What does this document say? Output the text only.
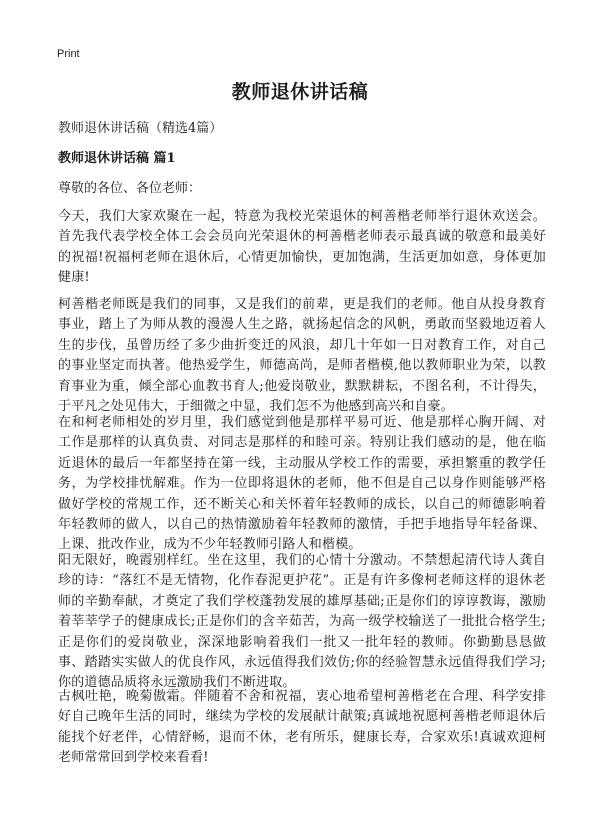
Print
教师退休讲话稿

教师退休讲话稿（精选4篇）

教师退休讲话稿 篇1

尊敬的各位、各位老师：

今天，我们大家欢聚在一起，特意为我校光荣退休的柯善楷老师举行退休欢送会。首先我代表学校全体工会会员向光荣退休的柯善楷老师表示最真诚的敬意和最美好的祝福!祝福柯老师在退休后，心情更加愉快，更加饱满，生活更加如意，身体更加健康!

柯善楷老师既是我们的同事，又是我们的前辈，更是我们的老师。他自从投身教育事业，踏上了为师从教的漫漫人生之路，就扬起信念的风帆，勇敢而坚毅地迈着人生的步伐，虽曾历经了多少曲折变迁的风浪，却几十年如一日对教育工作，对自己的事业坚定而执著。他热爱学生，师德高尚，是师者楷模,他以教师职业为荣，以教育事业为重，倾全部心血教书育人;他爱岗敬业，默默耕耘，不图名利，不计得失，于平凡之处见伟大，于细微之中显，我们怎不为他感到高兴和自豪。

在和柯老师相处的岁月里，我们感觉到他是那样平易可近、他是那样心胸开阔、对工作是那样的认真负责、对同志是那样的和睦可亲。特别让我们感动的是，他在临近退休的最后一年都坚持在第一线，主动服从学校工作的需要，承担繁重的教学任务，为学校排忧解难。作为一位即将退休的老师，他不但是自己以身作则能够严格做好学校的常规工作，还不断关心和关怀着年轻教师的成长，以自己的师德影响着年轻教师的做人，以自己的热情激励着年轻教师的激情，手把手地指导年轻备课、上课、批改作业，成为不少年轻教师引路人和楷模。

阳无限好，晚霞别样红。坐在这里，我们的心情十分激动。不禁想起清代诗人龚自珍的诗：“落红不是无情物，化作春泥更护花”。正是有许多像柯老师这样的退休老师的辛勤奉献，才奠定了我们学校蓬勃发展的雄厚基础;正是你们的谆谆教诲，激励着莘莘学子的健康成长;正是你们的含辛茹苦，为高一级学校输送了一批批合格学生;正是你们的爱岗敬业，深深地影响着我们一批又一批年轻的教师。你勤勤恳恳做事、踏踏实实做人的优良作风，永远值得我们效仿;你的经验智慧永远值得我们学习;你的道德品质将永远激励我们不断进取。

古枫吐艳，晚菊傲霜。伴随着不舍和祝福，衷心地希望柯善楷老在合理、科学安排好自己晚年生活的同时，继续为学校的发展献计献策;真诚地祝愿柯善楷老师退休后能找个好老伴，心情舒畅，退而不休，老有所乐，健康长寿，合家欢乐!真诚欢迎柯老师常常回到学校来看看!
